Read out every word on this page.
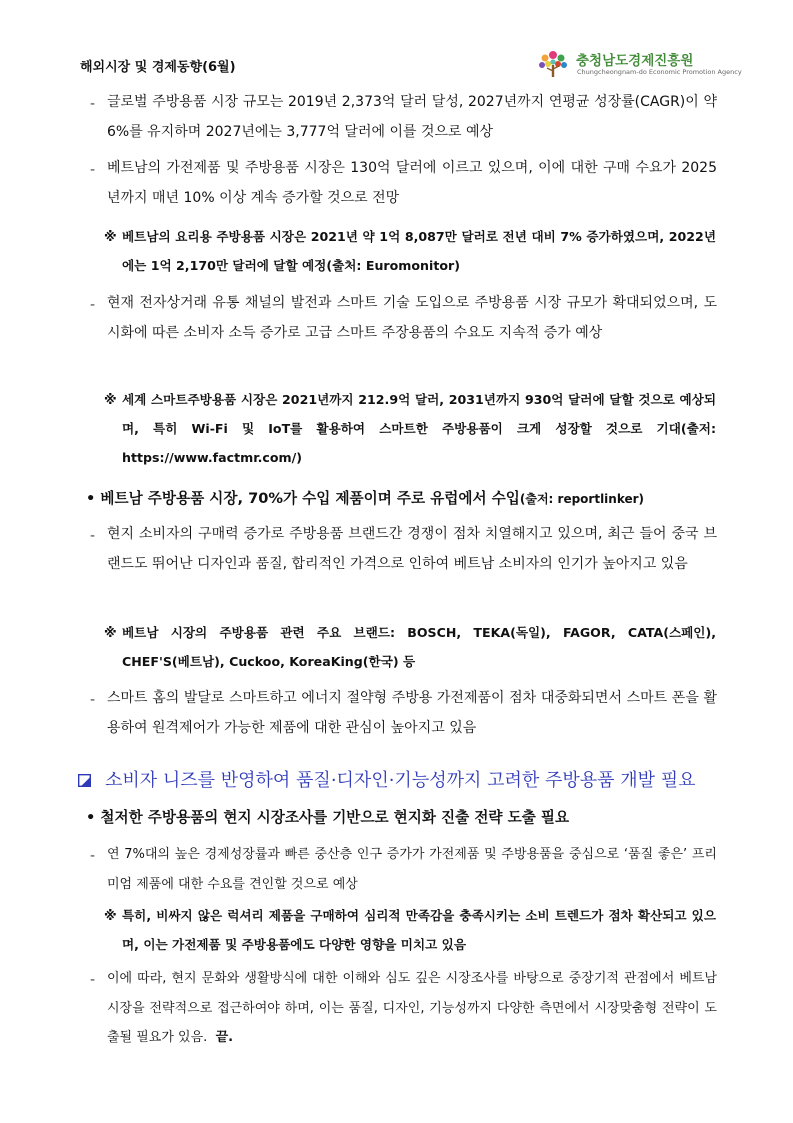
해외시장 및 경제동향(6월)	충청남도경제진흥원
Chungcheongnam-do Economic Promotion Agency
- 글로벌 주방용품 시장 규모는 2019년 2,373억 달러 달성, 2027년까지 연평균 성장률(CAGR)이 약 6%를 유지하며 2027년에는 3,777억 달러에 이를 것으로 예상
- 베트남의 가전제품 및 주방용품 시장은 130억 달러에 이르고 있으며, 이에 대한 구매 수요가 2025년까지 매년 10% 이상 계속 증가할 것으로 전망
※ 베트남의 요리용 주방용품 시장은 2021년 약 1억 8,087만 달러로 전년 대비 7% 증가하였으며, 2022년에는 1억 2,170만 달러에 달할 예정(출처: Euromonitor)
- 현재 전자상거래 유통 채널의 발전과 스마트 기술 도입으로 주방용품 시장 규모가 확대되었으며, 도시화에 따른 소비자 소득 증가로 고급 스마트 주장용품의 수요도 지속적 증가 예상
※ 세계 스마트주방용품 시장은 2021년까지 212.9억 달러, 2031년까지 930억 달러에 달할 것으로 예상되며, 특히 Wi-Fi 및 IoT를 활용하여 스마트한 주방용품이 크게 성장할 것으로 기대(출저: https://www.factmr.com/)
• 베트남 주방용품 시장, 70%가 수입 제품이며 주로 유럽에서 수입(출저: reportlinker)
- 현지 소비자의 구매력 증가로 주방용품 브랜드간 경쟁이 점차 치열해지고 있으며, 최근 들어 중국 브랜드도 뛰어난 디자인과 품질, 합리적인 가격으로 인하여 베트남 소비자의 인기가 높아지고 있음
※ 베트남 시장의 주방용품 관련 주요 브랜드: BOSCH, TEKA(독일), FAGOR, CATA(스페인), CHEF'S(베트남), Cuckoo, KoreaKing(한국) 등
- 스마트 홈의 발달로 스마트하고 에너지 절약형 주방용 가전제품이 점차 대중화되면서 스마트 폰을 활용하여 원격제어가 가능한 제품에 대한 관심이 높아지고 있음
소비자 니즈를 반영하여 품질·디자인·기능성까지 고려한 주방용품 개발 필요
• 철저한 주방용품의 현지 시장조사를 기반으로 현지화 진출 전략 도출 필요
- 연 7%대의 높은 경제성장률과 빠른 중산층 인구 증가가 가전제품 및 주방용품을 중심으로 ‘품질 좋은’ 프리미엄 제품에 대한 수요를 견인할 것으로 예상
※ 특히, 비싸지 않은 럭셔리 제품을 구매하여 심리적 만족감을 충족시키는 소비 트렌드가 점차 확산되고 있으며, 이는 가전제품 및 주방용품에도 다양한 영향을 미치고 있음
- 이에 따라, 현지 문화와 생활방식에 대한 이해와 심도 깊은 시장조사를 바탕으로 중장기적 관점에서 베트남 시장을 전략적으로 접근하여야 하며, 이는 품질, 디자인, 기능성까지 다양한 측면에서 시장맞춤형 전략이 도출될 필요가 있음. 끝.
